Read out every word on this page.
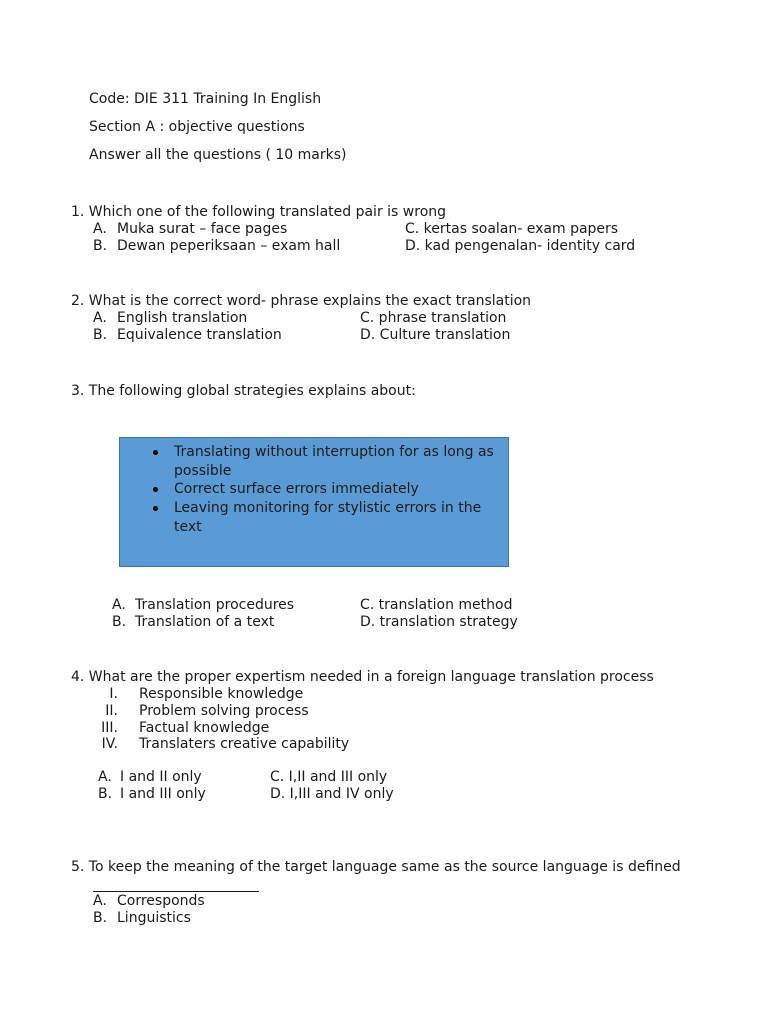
Code: DIE 311 Training In English
Section A : objective questions
Answer all the questions ( 10 marks)
1. Which one of the following translated pair is wrong
A. Muka surat – face pages	C. kertas soalan- exam papers
B. Dewan peperiksaan – exam hall	D. kad pengenalan- identity card
2. What is the correct word- phrase explains the exact translation
A. English translation	C. phrase translation
B. Equivalence translation	D. Culture translation
3. The following global strategies explains about:
Translating without interruption for as long as possible
Correct surface errors immediately
Leaving monitoring for stylistic errors in the text
A. Translation procedures	C. translation method
B. Translation of a text	D. translation strategy
4. What are the proper expertism needed in a foreign language translation process
I. Responsible knowledge
II. Problem solving process
III. Factual knowledge
IV. Translaters creative capability
A. I and II only	C. I,II and III only
B. I and III only	D. I,III and IV only
5. To keep the meaning of the target language same as the source language is defined
A. Corresponds
B. Linguistics
